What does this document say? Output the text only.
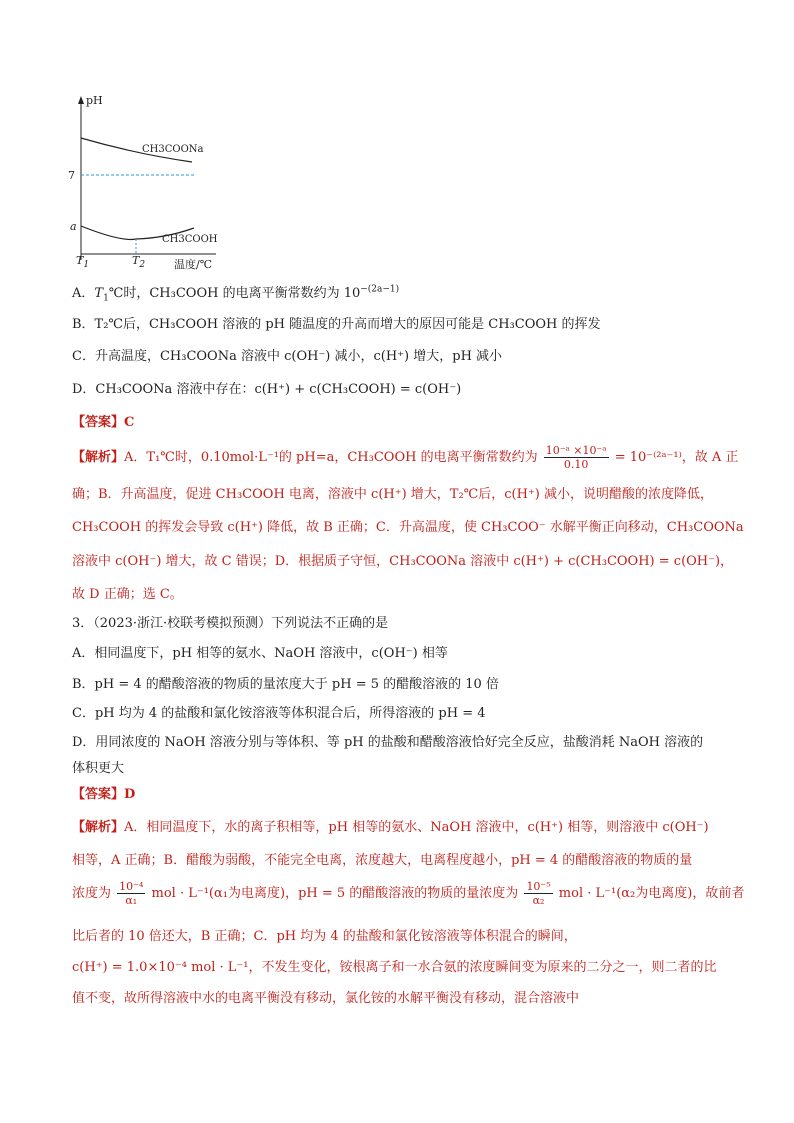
pH
7
a
CH3COONa
CH3COOH
$T_1$	$T_2$	温度/℃
A．$T_1℃$时，CH₃COOH 的电离平衡常数约为 $10^{-(2a-1)}$
B．T₂℃后，CH₃COOH 溶液的 pH 随温度的升高而增大的原因可能是 CH₃COOH 的挥发
C．升高温度，CH₃COONa 溶液中 c(OH⁻) 减小，c(H⁺) 增大，pH 减小
D．CH₃COONa 溶液中存在：c(H⁺) + c(CH₃COOH) = c(OH⁻)
【答案】C
【解析】A．T₁℃时，0.10mol·L⁻¹的 pH=a，CH₃COOH 的电离平衡常数约为 $\frac{\text{10⁻ᵃ ×10⁻ᵃ}}{0.10}$ = 10⁻⁽²ᵃ⁻¹⁾，故 A 正
确；B．升高温度，促进 CH₃COOH 电离，溶液中 c(H⁺) 增大，T₂℃后，c(H⁺) 减小，说明醋酸的浓度降低，
CH₃COOH 的挥发会导致 c(H⁺) 降低，故 B 正确；C．升高温度，使 CH₃COO⁻ 水解平衡正向移动，CH₃COONa
溶液中 c(OH⁻) 增大，故 C 错误；D．根据质子守恒，CH₃COONa 溶液中 c(H⁺) + c(CH₃COOH) = c(OH⁻)，
故 D 正确；选 C。
3．（2023·浙江·校联考模拟预测）下列说法不正确的是
A．相同温度下，pH 相等的氨水、NaOH 溶液中，c(OH⁻) 相等
B．pH = 4 的醋酸溶液的物质的量浓度大于 pH = 5 的醋酸溶液的 10 倍
C．pH 均为 4 的盐酸和氯化铵溶液等体积混合后，所得溶液的 pH = 4
D．用同浓度的 NaOH 溶液分别与等体积、等 pH 的盐酸和醋酸溶液恰好完全反应，盐酸消耗 NaOH 溶液的
体积更大
【答案】D
【解析】A．相同温度下，水的离子积相等，pH 相等的氨水、NaOH 溶液中，c(H⁺) 相等，则溶液中 c(OH⁻)
相等，A 正确；B．醋酸为弱酸，不能完全电离，浓度越大，电离程度越小，pH = 4 的醋酸溶液的物质的量
浓度为 $\frac{\text{10⁻⁴}}{\text{α₁}}$ mol · L⁻¹(α₁为电离度)，pH = 5 的醋酸溶液的物质的量浓度为 $\frac{\text{10⁻⁵}}{\text{α₂}}$ mol · L⁻¹(α₂为电离度)，故前者
比后者的 10 倍还大，B 正确；C．pH 均为 4 的盐酸和氯化铵溶液等体积混合的瞬间，
c(H⁺) = 1.0×10⁻⁴ mol · L⁻¹，不发生变化，铵根离子和一水合氨的浓度瞬间变为原来的二分之一，则二者的比
值不变，故所得溶液中水的电离平衡没有移动，氯化铵的水解平衡没有移动，混合溶液中
